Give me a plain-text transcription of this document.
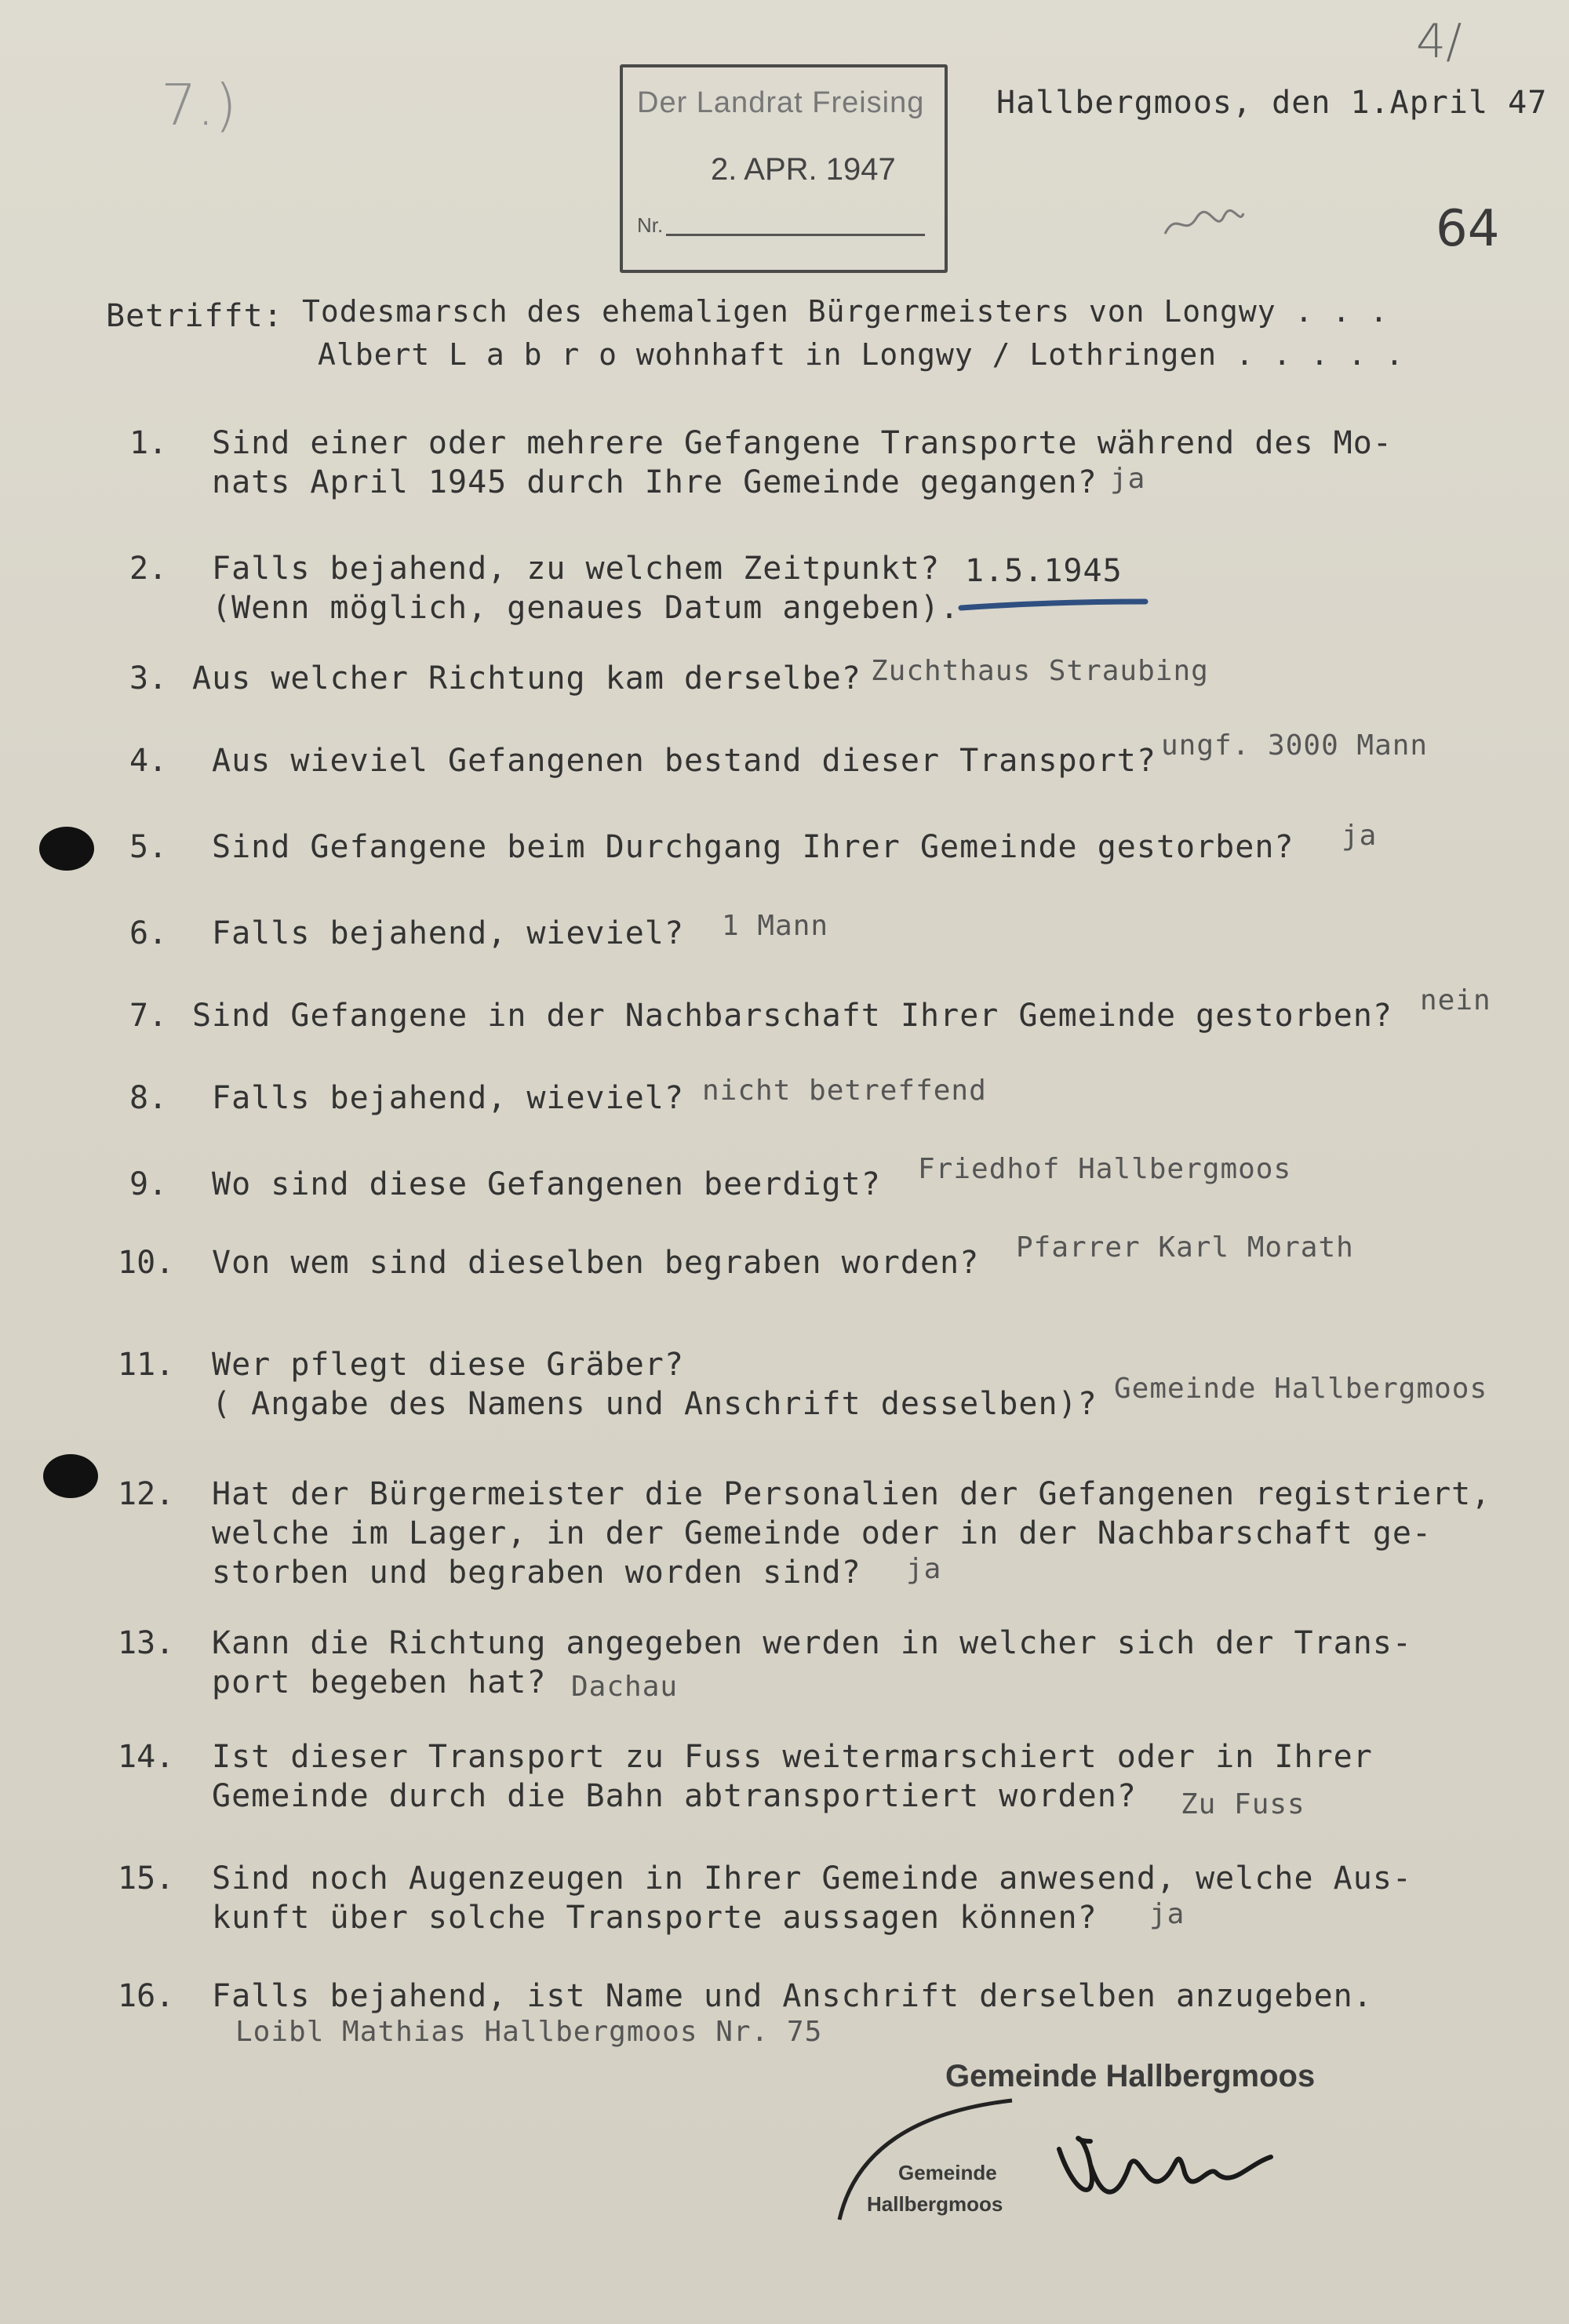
7.)
4/
64
Der Landrat Freising
2. APR. 1947
Nr.
Hallbergmoos, den 1.April 47
Betrifft: Todesmarsch des ehemaligen Bürgermeisters von Longwy . . .
Albert L a b r o wohnhaft in Longwy / Lothringen . . . . .
1. Sind einer oder mehrere Gefangene Transporte während des Mo-
nats April 1945 durch Ihre Gemeinde gegangen? ja
2. Falls bejahend, zu welchem Zeitpunkt?
(Wenn möglich, genaues Datum angeben).
1.5.1945
3. Aus welcher Richtung kam derselbe? Zuchthaus Straubing
4. Aus wieviel Gefangenen bestand dieser Transport? ungf. 3000 Mann
5. Sind Gefangene beim Durchgang Ihrer Gemeinde gestorben? ja
6. Falls bejahend, wieviel? 1 Mann
7. Sind Gefangene in der Nachbarschaft Ihrer Gemeinde gestorben? nein
8. Falls bejahend, wieviel? nicht betreffend
9. Wo sind diese Gefangenen beerdigt? Friedhof Hallbergmoos
10. Von wem sind dieselben begraben worden? Pfarrer Karl Morath
11. Wer pflegt diese Gräber?
( Angabe des Namens und Anschrift desselben)? Gemeinde Hallbergmoos
12. Hat der Bürgermeister die Personalien der Gefangenen registriert,
welche im Lager, in der Gemeinde oder in der Nachbarschaft ge-
storben und begraben worden sind?	ja
13. Kann die Richtung angegeben werden in welcher sich der Trans-
port begeben hat? Dachau
14. Ist dieser Transport zu Fuss weitermarschiert oder in Ihrer
Gemeinde durch die Bahn abtransportiert worden?	Zu Fuss
15. Sind noch Augenzeugen in Ihrer Gemeinde anwesend, welche Aus-
kunft über solche Transporte aussagen können?	ja
16. Falls bejahend, ist Name und Anschrift derselben anzugeben.
Loibl Mathias Hallbergmoos Nr. 75
Gemeinde Hallbergmoos
Gemeinde
Hallbergmoos
